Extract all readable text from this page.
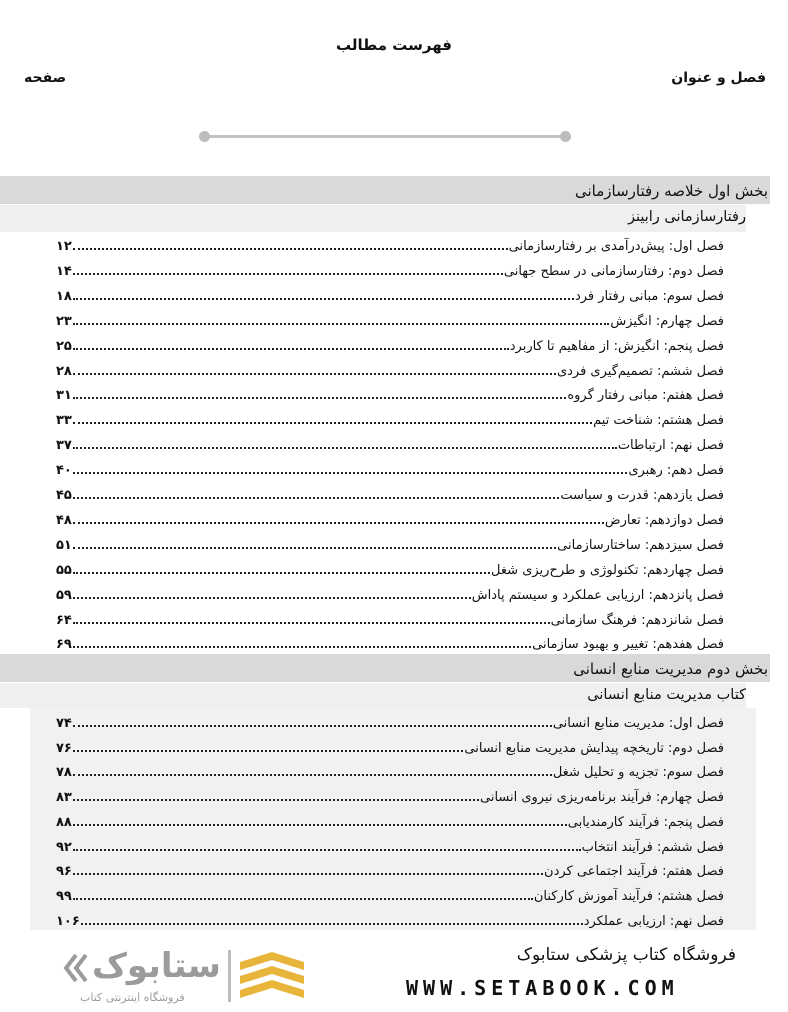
فهرست مطالب
فصل و عنوان
صفحه
بخش اول خلاصه رفتارسازمانی
رفتارسازمانی رابینز
فصل اول: پیش‌درآمدی بر رفتارسازمانی
۱۲
فصل دوم: رفتارسازمانی در سطح جهانی
۱۴
فصل سوم: مبانی رفتار فرد
۱۸
فصل چهارم: انگیزش
۲۳
فصل پنجم: انگیزش: از مفاهیم تا کاربرد
۲۵
فصل ششم: تصمیم‌گیری فردی
۲۸
فصل هفتم: مبانی رفتار گروه
۳۱
فصل هشتم: شناخت تیم
۳۳
فصل نهم: ارتباطات
۳۷
فصل دهم: رهبری
۴۰
فصل یازدهم: قدرت و سیاست
۴۵
فصل دوازدهم: تعارض
۴۸
فصل سیزدهم: ساختارسازمانی
۵۱
فصل چهاردهم: تکنولوژی و طرح‌ریزی شغل
۵۵
فصل پانزدهم: ارزیابی عملکرد و سیستم پاداش
۵۹
فصل شانزدهم: فرهنگ سازمانی
۶۴
فصل هفدهم: تغییر و بهبود سازمانی
۶۹
بخش دوم مدیریت منابع انسانی
کتاب مدیریت منابع انسانی
فصل اول: مدیریت منابع انسانی
۷۴
فصل دوم: تاریخچه پیدایش مدیریت منابع انسانی
۷۶
فصل سوم: تجزیه و تحلیل شغل
۷۸
فصل چهارم: فرآیند برنامه‌ریزی نیروی انسانی
۸۳
فصل پنجم: فرآیند کارمندیابی
۸۸
فصل ششم: فرآیند انتخاب
۹۲
فصل هفتم: فرآیند اجتماعی کردن
۹۶
فصل هشتم: فرآیند آموزش کارکنان
۹۹
فصل نهم: ارزیابی عملکرد
۱۰۶
فروشگاه کتاب پزشکی ستابوک
WWW.SETABOOK.COM
ستابوک
فروشگاه اینترنتی کتاب
